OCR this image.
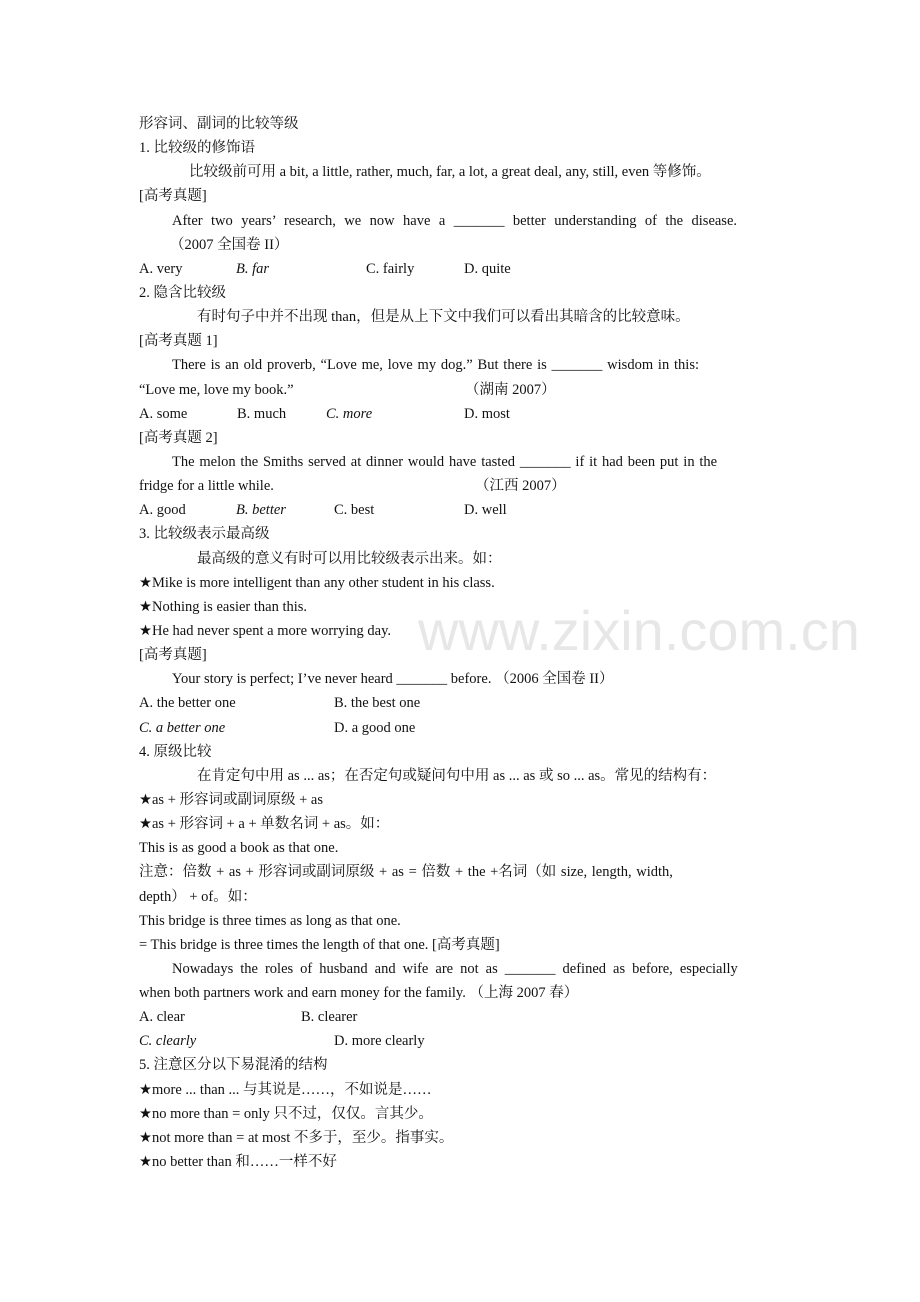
形容词、副词的比较等级
1. 比较级的修饰语
比较级前可用 a bit, a little, rather, much, far, a lot, a great deal, any, still, even 等修饰。
[高考真题]
After two years’ research, we now have a _______ better understanding of the disease.
（2007 全国卷 II）
A. very	B. far	C. fairly	D. quite
2. 隐含比较级
有时句子中并不出现 than，但是从上下文中我们可以看出其暗含的比较意味。
[高考真题 1]
There is an old proverb, “Love me, love my dog.” But there is _______ wisdom in this:
“Love me, love my book.”	（湖南 2007）
A. some	B. much	C. more	D. most
[高考真题 2]
The melon the Smiths served at dinner would have tasted _______ if it had been put in the
fridge for a little while.	（江西 2007）
A. good	B. better	C. best	D. well
3. 比较级表示最高级
最高级的意义有时可以用比较级表示出来。如：
★Mike is more intelligent than any other student in his class.
★Nothing is easier than this.
★He had never spent a more worrying day.
[高考真题]
Your story is perfect; I’ve never heard _______ before. （2006 全国卷 II）
A. the better one	B. the best one
C. a better one	D. a good one
4. 原级比较
在肯定句中用 as ... as；在否定句或疑问句中用 as ... as 或 so ... as。常见的结构有：
★as + 形容词或副词原级 + as
★as + 形容词 + a + 单数名词 + as。如：
This is as good a book as that one.
注意：倍数 + as + 形容词或副词原级 + as = 倍数 + the +名词（如 size, length, width,
depth） + of。如：
This bridge is three times as long as that one.
= This bridge is three times the length of that one. [高考真题]
Nowadays the roles of husband and wife are not as _______ defined as before, especially
when both partners work and earn money for the family. （上海 2007 春）
A. clear	B. clearer
C. clearly	D. more clearly
5. 注意区分以下易混淆的结构
★more ... than ... 与其说是……，不如说是……
★no more than = only 只不过，仅仅。言其少。
★not more than = at most 不多于，至少。指事实。
★no better than 和……一样不好
www.zixin.com.cn
